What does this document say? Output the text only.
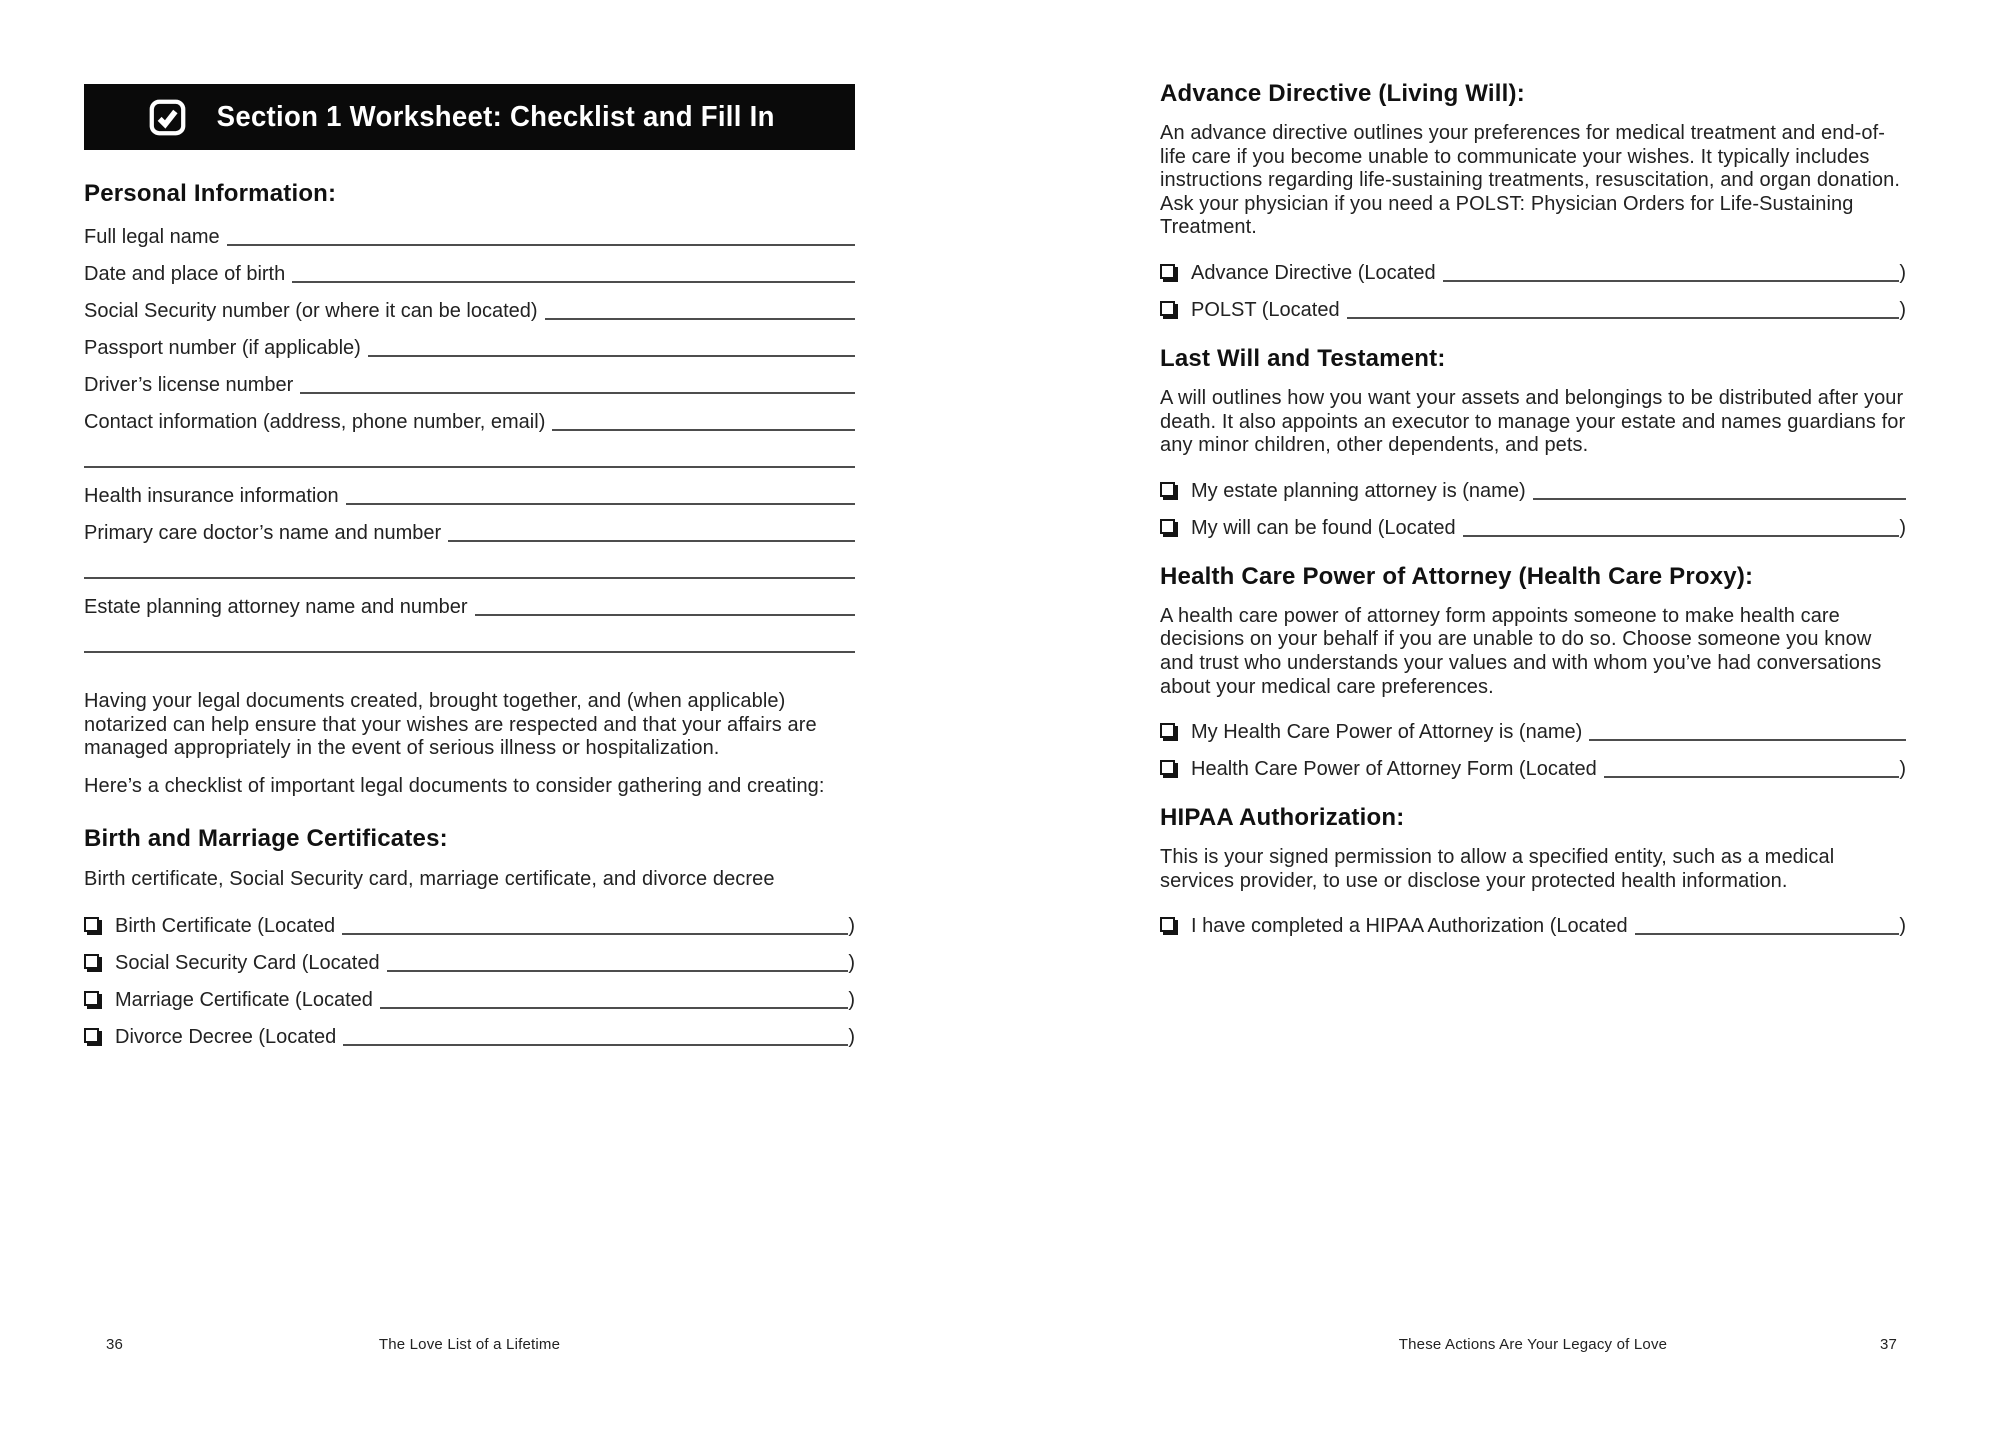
Section 1 Worksheet: Checklist and Fill In
Personal Information:
Full legal name
Date and place of birth
Social Security number (or where it can be located)
Passport number (if applicable)
Driver’s license number
Contact information (address, phone number, email)
Health insurance information
Primary care doctor’s name and number
Estate planning attorney name and number

Having your legal documents created, brought together, and (when applicable) notarized can help ensure that your wishes are respected and that your affairs are managed appropriately in the event of serious illness or hospitalization.

Here’s a checklist of important legal documents to consider gathering and creating:

Birth and Marriage Certificates:

Birth certificate, Social Security card, marriage certificate, and divorce decree

Birth Certificate (Located	)
Social Security Card (Located	)
Marriage Certificate (Located	)
Divorce Decree (Located	)
Advance Directive (Living Will):

An advance directive outlines your preferences for medical treatment and end-of-life care if you become unable to communicate your wishes. It typically includes instructions regarding life-sustaining treatments, resuscitation, and organ donation. Ask your physician if you need a POLST: Physician Orders for Life-Sustaining Treatment.

Advance Directive (Located	)
POLST (Located	)
Last Will and Testament:

A will outlines how you want your assets and belongings to be distributed after your death. It also appoints an executor to manage your estate and names guardians for any minor children, other dependents, and pets.

My estate planning attorney is (name)
My will can be found (Located	)
Health Care Power of Attorney (Health Care Proxy):

A health care power of attorney form appoints someone to make health care decisions on your behalf if you are unable to do so. Choose someone you know and trust who understands your values and with whom you’ve had conversations about your medical care preferences.

My Health Care Power of Attorney is (name)
Health Care Power of Attorney Form (Located	)
HIPAA Authorization:

This is your signed permission to allow a specified entity, such as a medical services provider, to use or disclose your protected health information.

I have completed a HIPAA Authorization (Located	)
36	The Love List of a Lifetime	These Actions Are Your Legacy of Love	37
